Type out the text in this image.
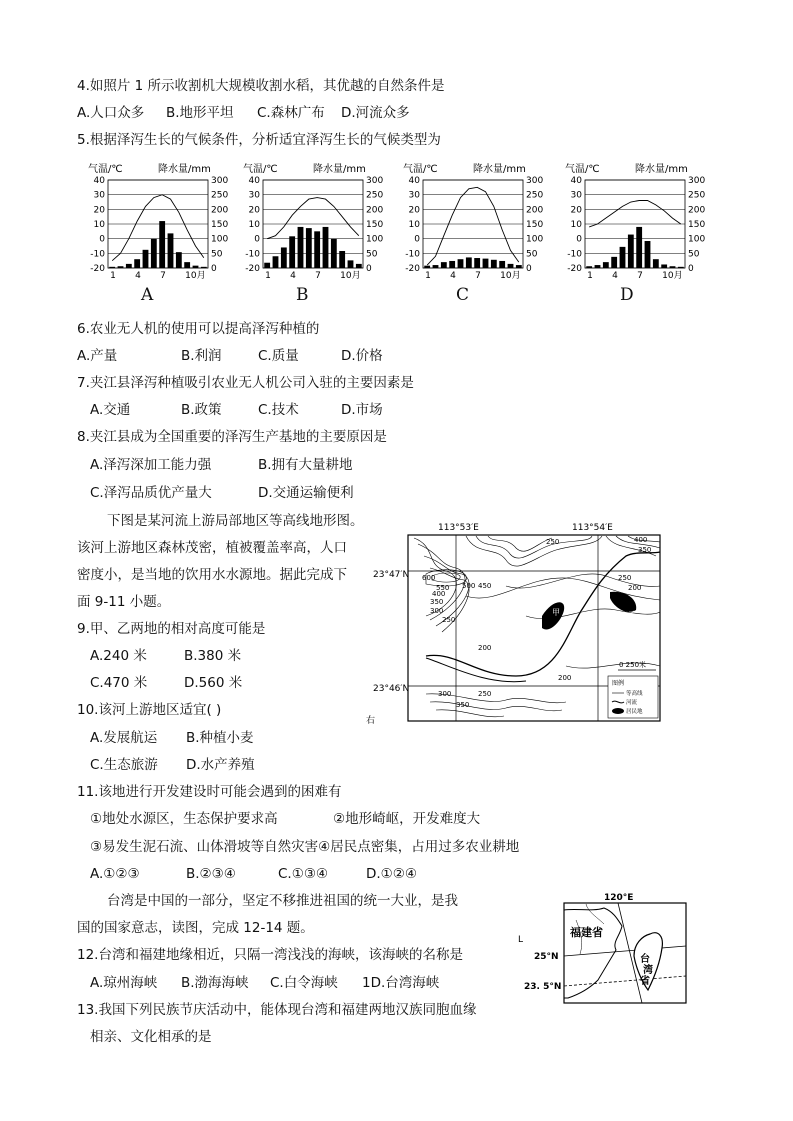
4.如照片 1 所示收割机大规模收割水稻，其优越的自然条件是
A.人口众多 B.地形平坦 C.森林广布 D.河流众多
5.根据泽泻生长的气候条件，分析适宜泽泻生长的气候类型为
气温/℃	降水量/mm
40	300
30	250
20	200
10	150
0	100
-10	50
-20	0
1 4 7 10月
气温/℃	降水量/mm
40	300
30	250
20	200
10	150
0	100
-10	50
-20	0
1 4 7 10月
气温/℃	降水量/mm
40	300
30	250
20	200
10	150
0	100
-10	50
-20	0
1 4 7 10月
气温/℃	降水量/mm
40	300
30	250
20	200
10	150
0	100
-10	50
-20	0
1 4 7 10月
A	B	C	D
6.农业无人机的使用可以提高泽泻种植的
A.产量	B.利润	C.质量	D.价格
7.夹江县泽泻种植吸引农业无人机公司入驻的主要因素是
A.交通	B.政策	C.技术	D.市场
8.夹江县成为全国重要的泽泻生产基地的主要原因是
A.泽泻深加工能力强	B.拥有大量耕地
C.泽泻品质优产量大	D.交通运输便利
下图是某河流上游局部地区等高线地形图。
该河上游地区森林茂密，植被覆盖率高，人口
密度小，是当地的饮用水水源地。据此完成下
面 9-11 小题。
9.甲、乙两地的相对高度可能是
A.240 米	B.380 米
C.470 米	D.560 米
10.该河上游地区适宜( )
A.发展航运 B.种植小麦
C.生态旅游 D.水产养殖
113°53′E	113°54′E
23°47′N
23°46′N
右
乙
甲
250	400
350
250
200
600
550 500 450
400
350
300
250
200
200
300	250
350
0 250米
图例
等高线
河流
居民地
11.该地进行开发建设时可能会遇到的困难有
①地处水源区，生态保护要求高	②地形崎岖，开发难度大
③易发生泥石流、山体滑坡等自然灾害④居民点密集，占用过多农业耕地
A.①②③	B.②③④	C.①③④	D.①②④
台湾是中国的一部分，坚定不移推进祖国的统一大业，是我
国的国家意志，读图，完成 12-14 题。
12.台湾和福建地缘相近，只隔一湾浅浅的海峡，该海峡的名称是
A.琼州海峡 B.渤海海峡 C.白令海峡 1D.台湾海峡
13.我国下列民族节庆活动中，能体现台湾和福建两地汉族同胞血缘
相亲、文化相承的是
120°E
L
25°N
23. 5°N
福建省
台
湾
省
